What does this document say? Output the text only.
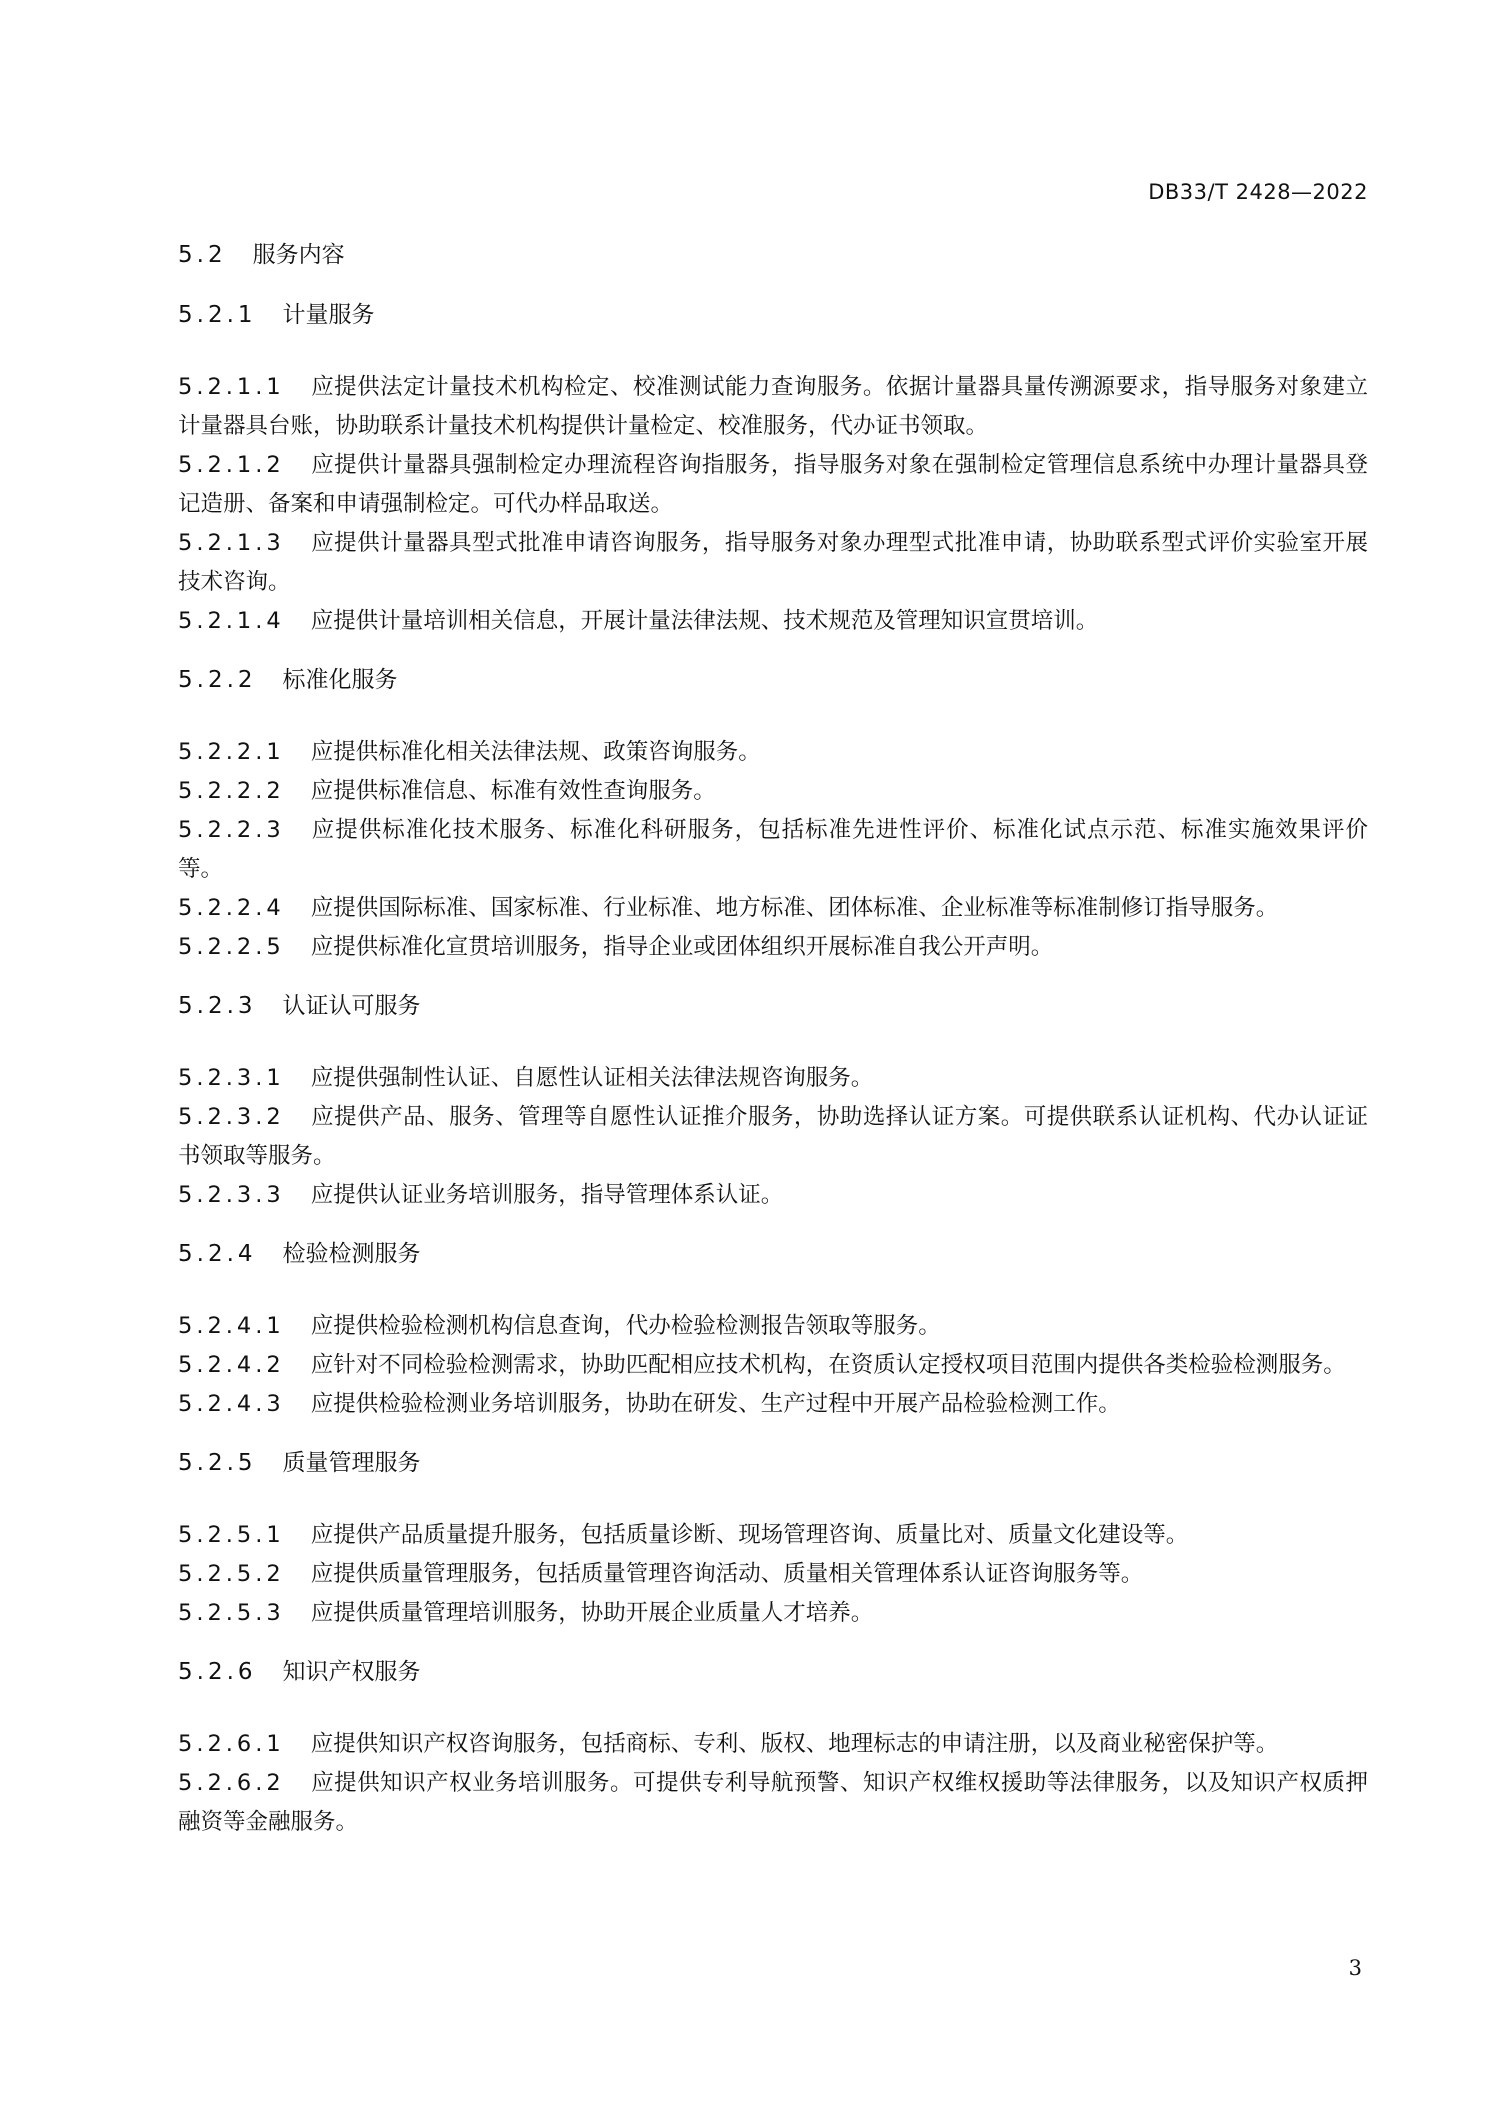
DB33/T 2428—2022
5.2 服务内容
5.2.1 计量服务

5.2.1.1 应提供法定计量技术机构检定、校准测试能力查询服务。依据计量器具量传溯源要求，指导服务对象建立计量器具台账，协助联系计量技术机构提供计量检定、校准服务，代办证书领取。

5.2.1.2 应提供计量器具强制检定办理流程咨询指服务，指导服务对象在强制检定管理信息系统中办理计量器具登记造册、备案和申请强制检定。可代办样品取送。

5.2.1.3 应提供计量器具型式批准申请咨询服务，指导服务对象办理型式批准申请，协助联系型式评价实验室开展技术咨询。

5.2.1.4 应提供计量培训相关信息，开展计量法律法规、技术规范及管理知识宣贯培训。

5.2.2 标准化服务

5.2.2.1 应提供标准化相关法律法规、政策咨询服务。

5.2.2.2 应提供标准信息、标准有效性查询服务。

5.2.2.3 应提供标准化技术服务、标准化科研服务，包括标准先进性评价、标准化试点示范、标准实施效果评价等。

5.2.2.4 应提供国际标准、国家标准、行业标准、地方标准、团体标准、企业标准等标准制修订指导服务。

5.2.2.5 应提供标准化宣贯培训服务，指导企业或团体组织开展标准自我公开声明。

5.2.3 认证认可服务

5.2.3.1 应提供强制性认证、自愿性认证相关法律法规咨询服务。

5.2.3.2 应提供产品、服务、管理等自愿性认证推介服务，协助选择认证方案。可提供联系认证机构、代办认证证书领取等服务。

5.2.3.3 应提供认证业务培训服务，指导管理体系认证。

5.2.4 检验检测服务

5.2.4.1 应提供检验检测机构信息查询，代办检验检测报告领取等服务。

5.2.4.2 应针对不同检验检测需求，协助匹配相应技术机构，在资质认定授权项目范围内提供各类检验检测服务。

5.2.4.3 应提供检验检测业务培训服务，协助在研发、生产过程中开展产品检验检测工作。

5.2.5 质量管理服务

5.2.5.1 应提供产品质量提升服务，包括质量诊断、现场管理咨询、质量比对、质量文化建设等。

5.2.5.2 应提供质量管理服务，包括质量管理咨询活动、质量相关管理体系认证咨询服务等。

5.2.5.3 应提供质量管理培训服务，协助开展企业质量人才培养。

5.2.6 知识产权服务

5.2.6.1 应提供知识产权咨询服务，包括商标、专利、版权、地理标志的申请注册，以及商业秘密保护等。

5.2.6.2 应提供知识产权业务培训服务。可提供专利导航预警、知识产权维权援助等法律服务，以及知识产权质押融资等金融服务。

3
